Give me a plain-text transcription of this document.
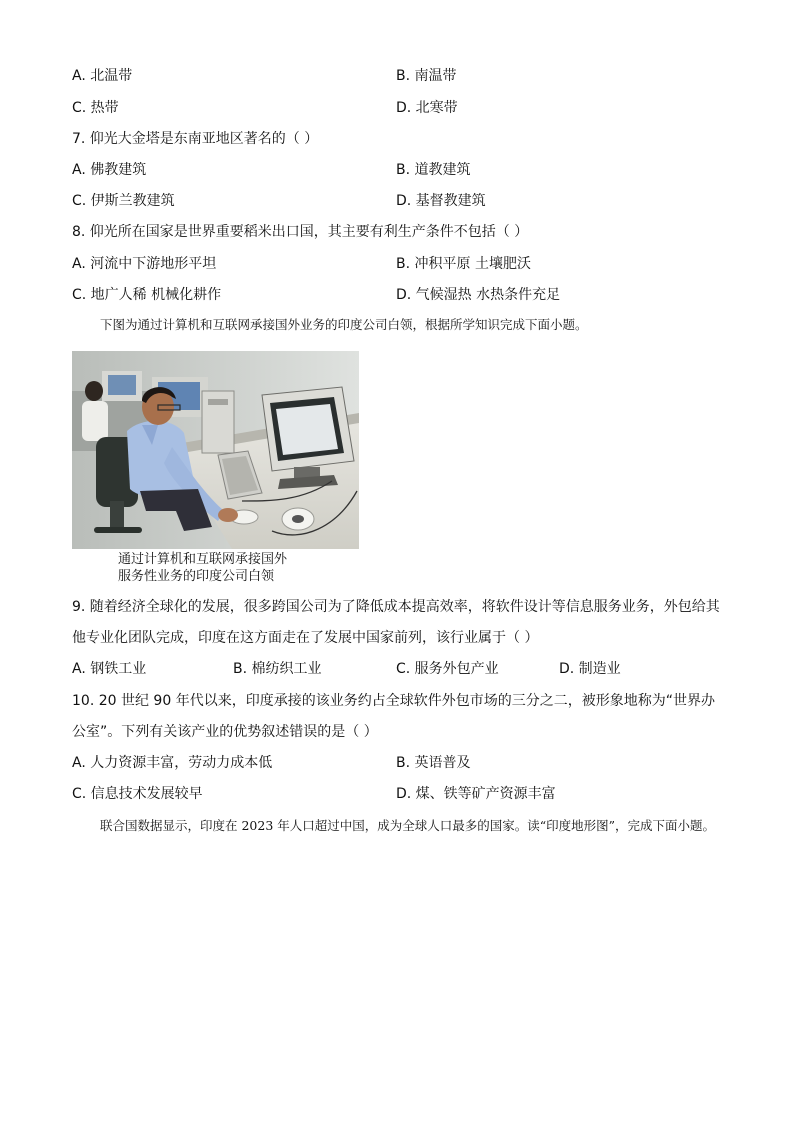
A. 北温带	B. 南温带
C. 热带	D. 北寒带
7. 仰光大金塔是东南亚地区著名的（ ）
A. 佛教建筑	B. 道教建筑
C. 伊斯兰教建筑	D. 基督教建筑
8. 仰光所在国家是世界重要稻米出口国，其主要有利生产条件不包括（ ）
A. 河流中下游地形平坦	B. 冲积平原 土壤肥沃
C. 地广人稀 机械化耕作	D. 气候湿热 水热条件充足
下图为通过计算机和互联网承接国外业务的印度公司白领，根据所学知识完成下面小题。
通过计算机和互联网承接国外
服务性业务的印度公司白领
9. 随着经济全球化的发展，很多跨国公司为了降低成本提高效率，将软件设计等信息服务业务，外包给其他专业化团队完成，印度在这方面走在了发展中国家前列，该行业属于（ ）
A. 钢铁工业	B. 棉纺织工业	C. 服务外包产业	D. 制造业
10. 20 世纪 90 年代以来，印度承接的该业务约占全球软件外包市场的三分之二，被形象地称为“世界办公室”。下列有关该产业的优势叙述错误的是（ ）
A. 人力资源丰富，劳动力成本低	B. 英语普及
C. 信息技术发展较早	D. 煤、铁等矿产资源丰富
联合国数据显示，印度在 2023 年人口超过中国，成为全球人口最多的国家。读“印度地形图”，完成下面小题。
